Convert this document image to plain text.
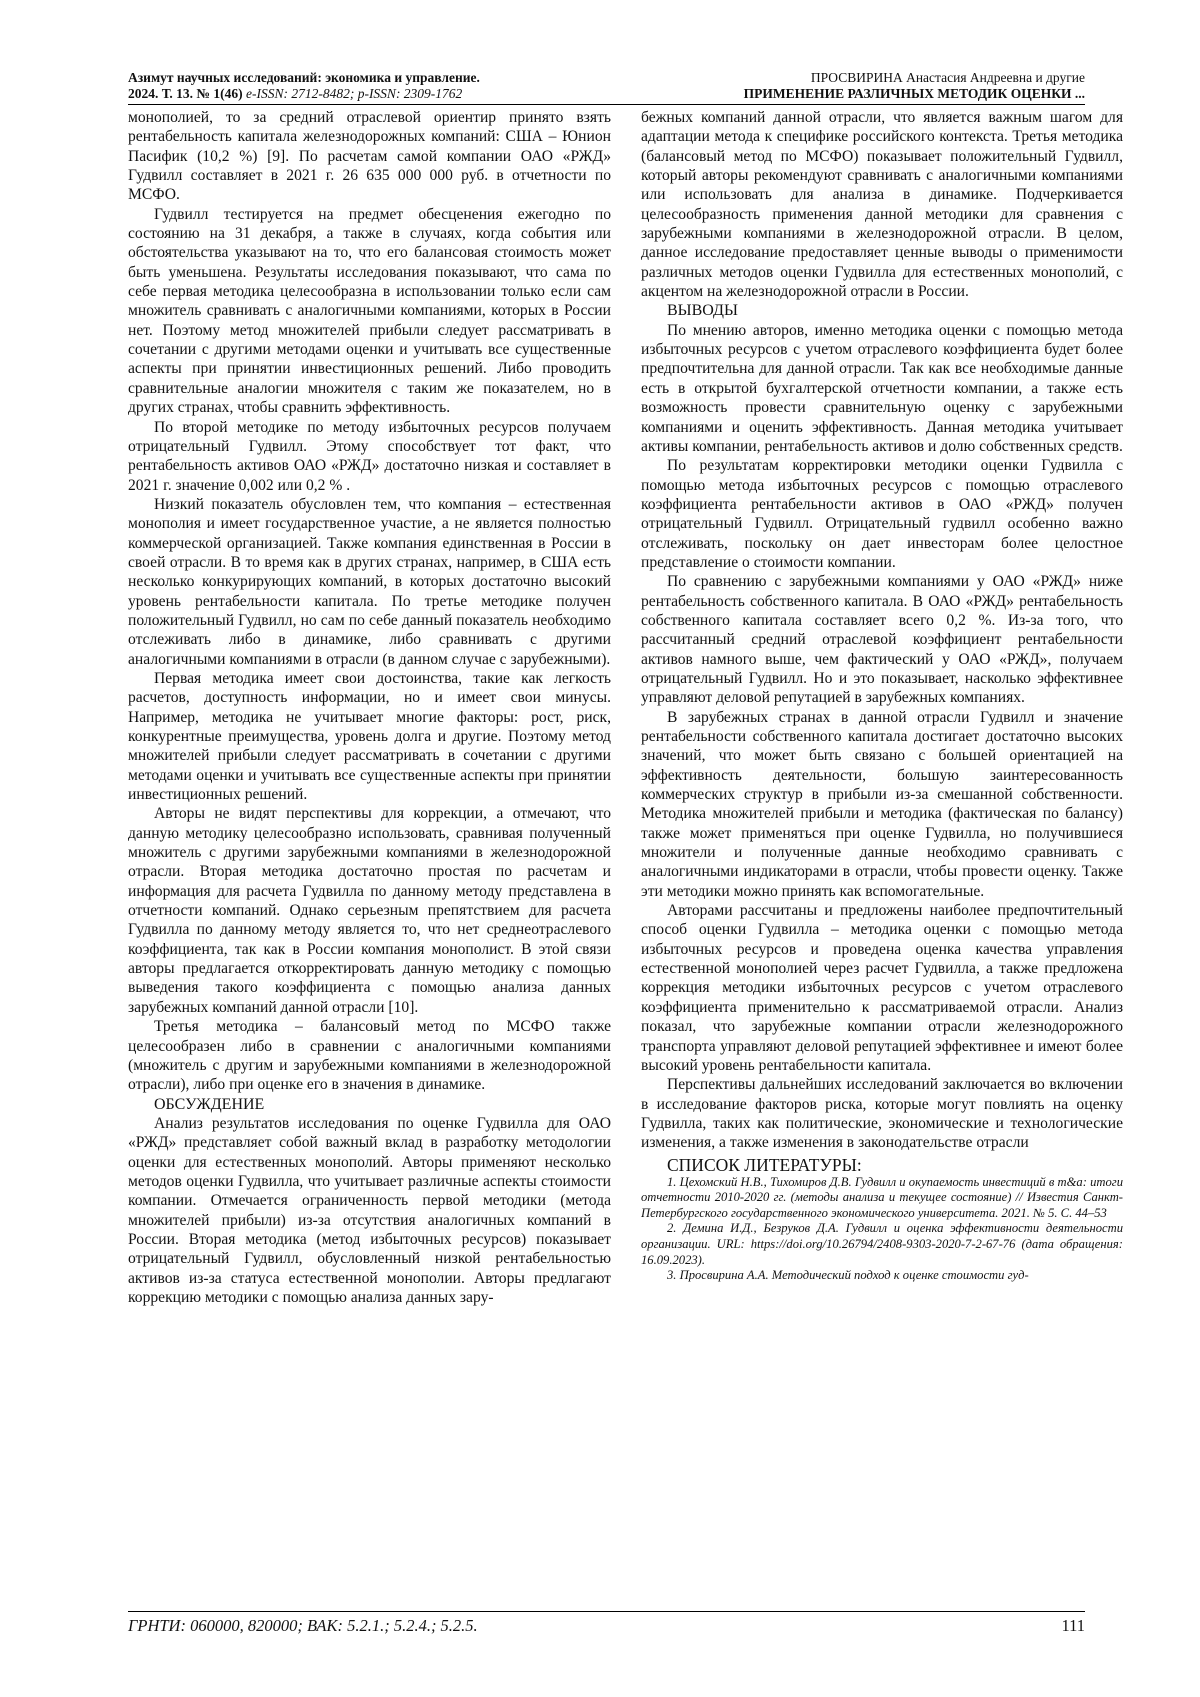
Азимут научных исследований: экономика и управление.
2024. Т. 13. № 1(46) e-ISSN: 2712-8482; p-ISSN: 2309-1762
ПРОСВИРИНА Анастасия Андреевна и другие
ПРИМЕНЕНИЕ РАЗЛИЧНЫХ МЕТОДИК ОЦЕНКИ ...

монополией, то за средний отраслевой ориентир принято взять рентабельность капитала железнодорожных компаний: США – Юнион Пасифик (10,2 %) [9]. По расчетам самой компании ОАО «РЖД» Гудвилл составляет в 2021 г. 26 635 000 000 руб. в отчетности по МСФО.

Гудвилл тестируется на предмет обесценения ежегодно по состоянию на 31 декабря, а также в случаях, когда события или обстоятельства указывают на то, что его балансовая стоимость может быть уменьшена. Результаты исследования показывают, что сама по себе первая методика целесообразна в использовании только если сам множитель сравнивать с аналогичными компаниями, которых в России нет. Поэтому метод множителей прибыли следует рассматривать в сочетании с другими методами оценки и учитывать все существенные аспекты при принятии инвестиционных решений. Либо проводить сравнительные аналогии множителя с таким же показателем, но в других странах, чтобы сравнить эффективность.

По второй методике по методу избыточных ресурсов получаем отрицательный Гудвилл. Этому способствует тот факт, что рентабельность активов ОАО «РЖД» достаточно низкая и составляет в 2021 г. значение 0,002 или 0,2 % .

Низкий показатель обусловлен тем, что компания – естественная монополия и имеет государственное участие, а не является полностью коммерческой организацией. Также компания единственная в России в своей отрасли. В то время как в других странах, например, в США есть несколько конкурирующих компаний, в которых достаточно высокий уровень рентабельности капитала. По третье методике получен положительный Гудвилл, но сам по себе данный показатель необходимо отслеживать либо в динамике, либо сравнивать с другими аналогичными компаниями в отрасли (в данном случае с зарубежными).

Первая методика имеет свои достоинства, такие как легкость расчетов, доступность информации, но и имеет свои минусы. Например, методика не учитывает многие факторы: рост, риск, конкурентные преимущества, уровень долга и другие. Поэтому метод множителей прибыли следует рассматривать в сочетании с другими методами оценки и учитывать все существенные аспекты при принятии инвестиционных решений.

Авторы не видят перспективы для коррекции, а отмечают, что данную методику целесообразно использовать, сравнивая полученный множитель с другими зарубежными компаниями в железнодорожной отрасли. Вторая методика достаточно простая по расчетам и информация для расчета Гудвилла по данному методу представлена в отчетности компаний. Однако серьезным препятствием для расчета Гудвилла по данному методу является то, что нет среднеотраслевого коэффициента, так как в России компания монополист. В этой связи авторы предлагается откорректировать данную методику с помощью выведения такого коэффициента с помощью анализа данных зарубежных компаний данной отрасли [10].

Третья методика – балансовый метод по МСФО также целесообразен либо в сравнении с аналогичными компаниями (множитель с другим и зарубежными компаниями в железнодорожной отрасли), либо при оценке его в значения в динамике.

ОБСУЖДЕНИЕ

Анализ результатов исследования по оценке Гудвилла для ОАО «РЖД» представляет собой важный вклад в разработку методологии оценки для естественных монополий. Авторы применяют несколько методов оценки Гудвилла, что учитывает различные аспекты стоимости компании. Отмечается ограниченность первой методики (метода множителей прибыли) из-за отсутствия аналогичных компаний в России. Вторая методика (метод избыточных ресурсов) показывает отрицательный Гудвилл, обусловленный низкой рентабельностью активов из-за статуса естественной монополии. Авторы предлагают коррекцию методики с помощью анализа данных зару-

бежных компаний данной отрасли, что является важным шагом для адаптации метода к специфике российского контекста. Третья методика (балансовый метод по МСФО) показывает положительный Гудвилл, который авторы рекомендуют сравнивать с аналогичными компаниями или использовать для анализа в динамике. Подчеркивается целесообразность применения данной методики для сравнения с зарубежными компаниями в железнодорожной отрасли. В целом, данное исследование предоставляет ценные выводы о применимости различных методов оценки Гудвилла для естественных монополий, с акцентом на железнодорожной отрасли в России.

ВЫВОДЫ

По мнению авторов, именно методика оценки с помощью метода избыточных ресурсов с учетом отраслевого коэффициента будет более предпочтительна для данной отрасли. Так как все необходимые данные есть в открытой бухгалтерской отчетности компании, а также есть возможность провести сравнительную оценку с зарубежными компаниями и оценить эффективность. Данная методика учитывает активы компании, рентабельность активов и долю собственных средств.

По результатам корректировки методики оценки Гудвилла с помощью метода избыточных ресурсов с помощью отраслевого коэффициента рентабельности активов в ОАО «РЖД» получен отрицательный Гудвилл. Отрицательный гудвилл особенно важно отслеживать, поскольку он дает инвесторам более целостное представление о стоимости компании.

По сравнению с зарубежными компаниями у ОАО «РЖД» ниже рентабельность собственного капитала. В ОАО «РЖД» рентабельность собственного капитала составляет всего 0,2 %. Из-за того, что рассчитанный средний отраслевой коэффициент рентабельности активов намного выше, чем фактический у ОАО «РЖД», получаем отрицательный Гудвилл. Но и это показывает, насколько эффективнее управляют деловой репутацией в зарубежных компаниях.

В зарубежных странах в данной отрасли Гудвилл и значение рентабельности собственного капитала достигает достаточно высоких значений, что может быть связано с большей ориентацией на эффективность деятельности, большую заинтересованность коммерческих структур в прибыли из-за смешанной собственности. Методика множителей прибыли и методика (фактическая по балансу) также может применяться при оценке Гудвилла, но получившиеся множители и полученные данные необходимо сравнивать с аналогичными индикаторами в отрасли, чтобы провести оценку. Также эти методики можно принять как вспомогательные.

Авторами рассчитаны и предложены наиболее предпочтительный способ оценки Гудвилла – методика оценки с помощью метода избыточных ресурсов и проведена оценка качества управления естественной монополией через расчет Гудвилла, а также предложена коррекция методики избыточных ресурсов с учетом отраслевого коэффициента применительно к рассматриваемой отрасли. Анализ показал, что зарубежные компании отрасли железнодорожного транспорта управляют деловой репутацией эффективнее и имеют более высокий уровень рентабельности капитала.

Перспективы дальнейших исследований заключается во включении в исследование факторов риска, которые могут повлиять на оценку Гудвилла, таких как политические, экономические и технологические изменения, а также изменения в законодательстве отрасли

СПИСОК ЛИТЕРАТУРЫ:

1. Цехомский Н.В., Тихомиров Д.В. Гудвилл и окупаемость инвестиций в т&а: итоги отчетности 2010-2020 гг. (методы анализа и текущее состояние) // Известия Санкт-Петербургского государственного экономического университета. 2021. № 5. С. 44–53

2. Демина И.Д., Безруков Д.А. Гудвилл и оценка эффективности деятельности организации. URL: https://doi.org/10.26794/2408-9303-2020-7-2-67-76 (дата обращения: 16.09.2023).

3. Просвирина А.А. Методический подход к оценке стоимости гуд-

ГРНТИ: 060000, 820000; ВАК: 5.2.1.; 5.2.4.; 5.2.5.	111
